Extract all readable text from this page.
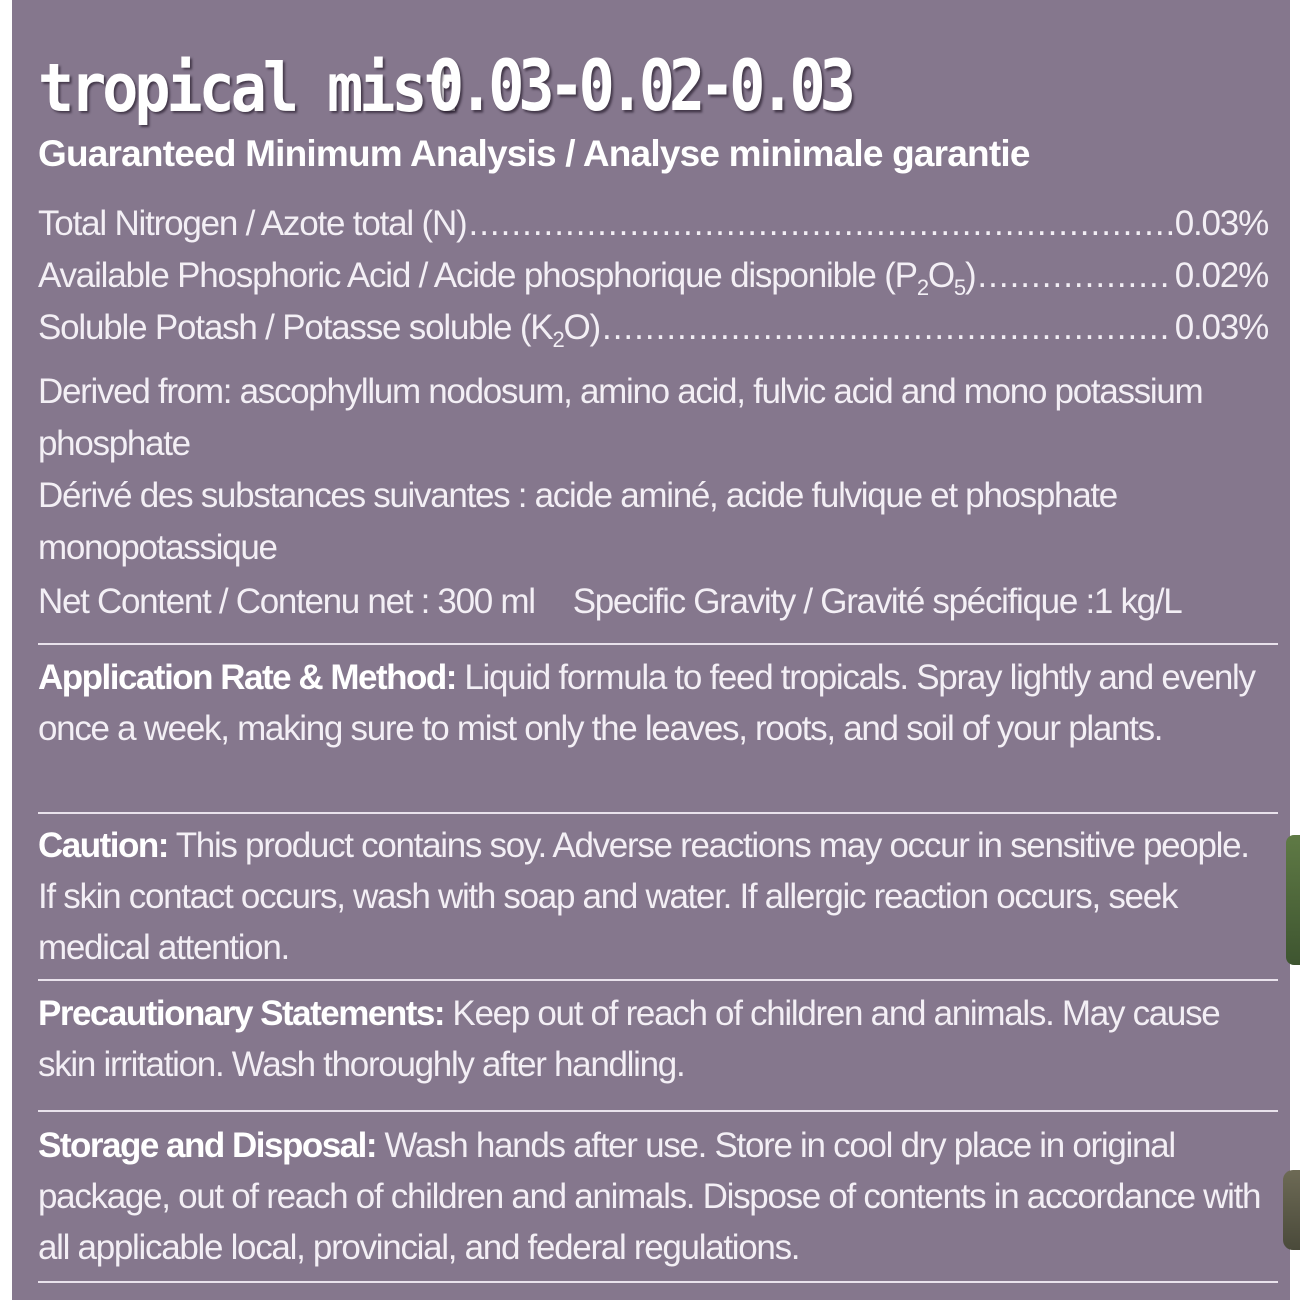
tropical mist
0.03-0.02-0.03
Guaranteed Minimum Analysis / Analyse minimale garantie
Total Nitrogen / Azote total (N) .....	0.03%
Available Phosphoric Acid / Acide phosphorique disponible $(P_2O_5)$ .....	0.02%
Soluble Potash / Potasse soluble $(K_2O)$ .....	0.03%
Derived from: ascophyllum nodosum, amino acid, fulvic acid and mono potassium phosphate
Dérivé des substances suivantes : acide aminé, acide fulvique et phosphate monopotassique
Net Content / Contenu net : 300 ml Specific Gravity / Gravité spécifique :1 kg/L
Application Rate & Method: Liquid formula to feed tropicals. Spray lightly and evenly once a week, making sure to mist only the leaves, roots, and soil of your plants.
Caution: This product contains soy. Adverse reactions may occur in sensitive people. If skin contact occurs, wash with soap and water. If allergic reaction occurs, seek medical attention.
Precautionary Statements: Keep out of reach of children and animals. May cause skin irritation. Wash thoroughly after handling.
Storage and Disposal: Wash hands after use. Store in cool dry place in original package, out of reach of children and animals. Dispose of contents in accordance with all applicable local, provincial, and federal regulations.
